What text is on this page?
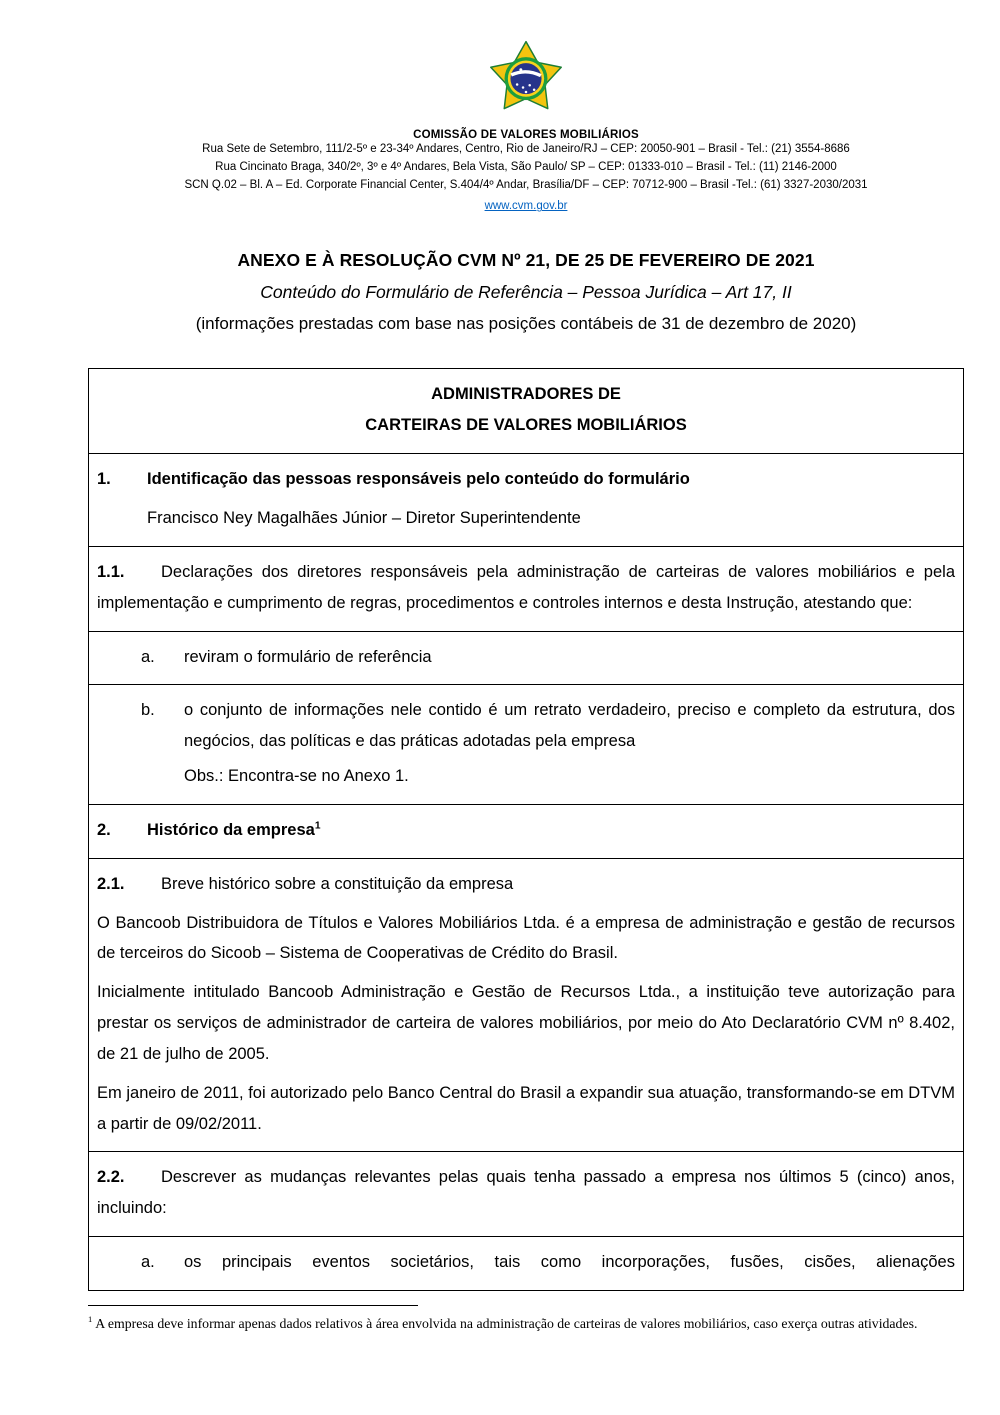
COMISSÃO DE VALORES MOBILIÁRIOS
Rua Sete de Setembro, 111/2-5º e 23-34º Andares, Centro, Rio de Janeiro/RJ – CEP: 20050-901 – Brasil - Tel.: (21) 3554-8686
Rua Cincinato Braga, 340/2º, 3º e 4º Andares, Bela Vista, São Paulo/ SP – CEP: 01333-010 – Brasil - Tel.: (11) 2146-2000
SCN Q.02 – Bl. A – Ed. Corporate Financial Center, S.404/4º Andar, Brasília/DF – CEP: 70712-900 – Brasil -Tel.: (61) 3327-2030/2031
www.cvm.gov.br
ANEXO E À RESOLUÇÃO CVM Nº 21, DE 25 DE FEVEREIRO DE 2021
Conteúdo do Formulário de Referência – Pessoa Jurídica – Art 17, II
(informações prestadas com base nas posições contábeis de 31 de dezembro de 2020)
ADMINISTRADORES DE
CARTEIRAS DE VALORES MOBILIÁRIOS

1.	Identificação das pessoas responsáveis pelo conteúdo do formulário
Francisco Ney Magalhães Júnior – Diretor Superintendente

1.1. Declarações dos diretores responsáveis pela administração de carteiras de valores mobiliários e pela implementação e cumprimento de regras, procedimentos e controles internos e desta Instrução, atestando que:

a.	reviram o formulário de referência

b.	o conjunto de informações nele contido é um retrato verdadeiro, preciso e completo da estrutura, dos negócios, das políticas e das práticas adotadas pela empresa
Obs.: Encontra-se no Anexo 1.

2.	Histórico da empresa$^1$

2.1.	Breve histórico sobre a constituição da empresa

O Bancoob Distribuidora de Títulos e Valores Mobiliários Ltda. é a empresa de administração e gestão de recursos de terceiros do Sicoob – Sistema de Cooperativas de Crédito do Brasil.

Inicialmente intitulado Bancoob Administração e Gestão de Recursos Ltda., a instituição teve autorização para prestar os serviços de administrador de carteira de valores mobiliários, por meio do Ato Declaratório CVM nº 8.402, de 21 de julho de 2005.

Em janeiro de 2011, foi autorizado pelo Banco Central do Brasil a expandir sua atuação, transformando-se em DTVM a partir de 09/02/2011.

2.2. Descrever as mudanças relevantes pelas quais tenha passado a empresa nos últimos 5 (cinco) anos, incluindo:

a.	os principais eventos societários, tais como incorporações, fusões, cisões, alienações
$^1$ A empresa deve informar apenas dados relativos à área envolvida na administração de carteiras de valores mobiliários, caso exerça outras atividades.
